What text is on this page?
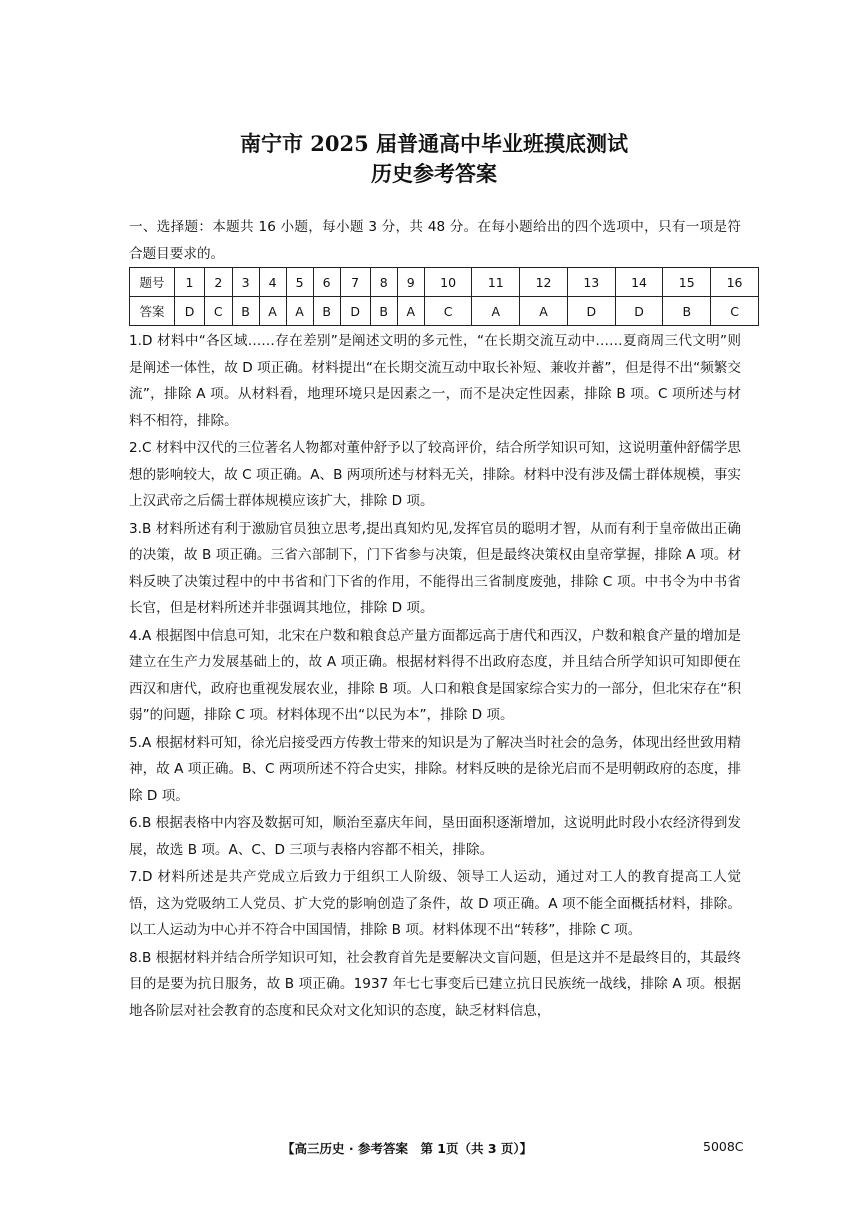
南宁市 2025 届普通高中毕业班摸底测试
历史参考答案
一、选择题：本题共 16 小题，每小题 3 分，共 48 分。在每小题给出的四个选项中，只有一项是符合题目要求的。
题号	1	2	3	4	5	6	7	8	9	10	11	12	13	14	15	16
答案	D	C	B	A	A	B	D	B	A	C	A	A	D	D	B	C

1.D 材料中“各区域……存在差别”是阐述文明的多元性，“在长期交流互动中……夏商周三代文明”则是阐述一体性，故 D 项正确。材料提出“在长期交流互动中取长补短、兼收并蓄”，但是得不出“频繁交流”，排除 A 项。从材料看，地理环境只是因素之一，而不是决定性因素，排除 B 项。C 项所述与材料不相符，排除。

2.C 材料中汉代的三位著名人物都对董仲舒予以了较高评价，结合所学知识可知，这说明董仲舒儒学思想的影响较大，故 C 项正确。A、B 两项所述与材料无关，排除。材料中没有涉及儒士群体规模，事实上汉武帝之后儒士群体规模应该扩大，排除 D 项。

3.B 材料所述有利于激励官员独立思考,提出真知灼见,发挥官员的聪明才智，从而有利于皇帝做出正确的决策，故 B 项正确。三省六部制下，门下省参与决策，但是最终决策权由皇帝掌握，排除 A 项。材料反映了决策过程中的中书省和门下省的作用，不能得出三省制度废弛，排除 C 项。中书令为中书省长官，但是材料所述并非强调其地位，排除 D 项。

4.A 根据图中信息可知，北宋在户数和粮食总产量方面都远高于唐代和西汉，户数和粮食产量的增加是建立在生产力发展基础上的，故 A 项正确。根据材料得不出政府态度，并且结合所学知识可知即便在西汉和唐代，政府也重视发展农业，排除 B 项。人口和粮食是国家综合实力的一部分，但北宋存在“积弱”的问题，排除 C 项。材料体现不出“以民为本”，排除 D 项。

5.A 根据材料可知，徐光启接受西方传教士带来的知识是为了解决当时社会的急务，体现出经世致用精神，故 A 项正确。B、C 两项所述不符合史实，排除。材料反映的是徐光启而不是明朝政府的态度，排除 D 项。

6.B 根据表格中内容及数据可知，顺治至嘉庆年间，垦田面积逐渐增加，这说明此时段小农经济得到发展，故选 B 项。A、C、D 三项与表格内容都不相关，排除。

7.D 材料所述是共产党成立后致力于组织工人阶级、领导工人运动，通过对工人的教育提高工人觉悟，这为党吸纳工人党员、扩大党的影响创造了条件，故 D 项正确。A 项不能全面概括材料，排除。以工人运动为中心并不符合中国国情，排除 B 项。材料体现不出“转移”，排除 C 项。

8.B 根据材料并结合所学知识可知，社会教育首先是要解决文盲问题，但是这并不是最终目的，其最终目的是要为抗日服务，故 B 项正确。1937 年七七事变后已建立抗日民族统一战线，排除 A 项。根据地各阶层对社会教育的态度和民众对文化知识的态度，缺乏材料信息，

【高三历史 · 参考答案　第 1页（共 3 页）】	5008C
